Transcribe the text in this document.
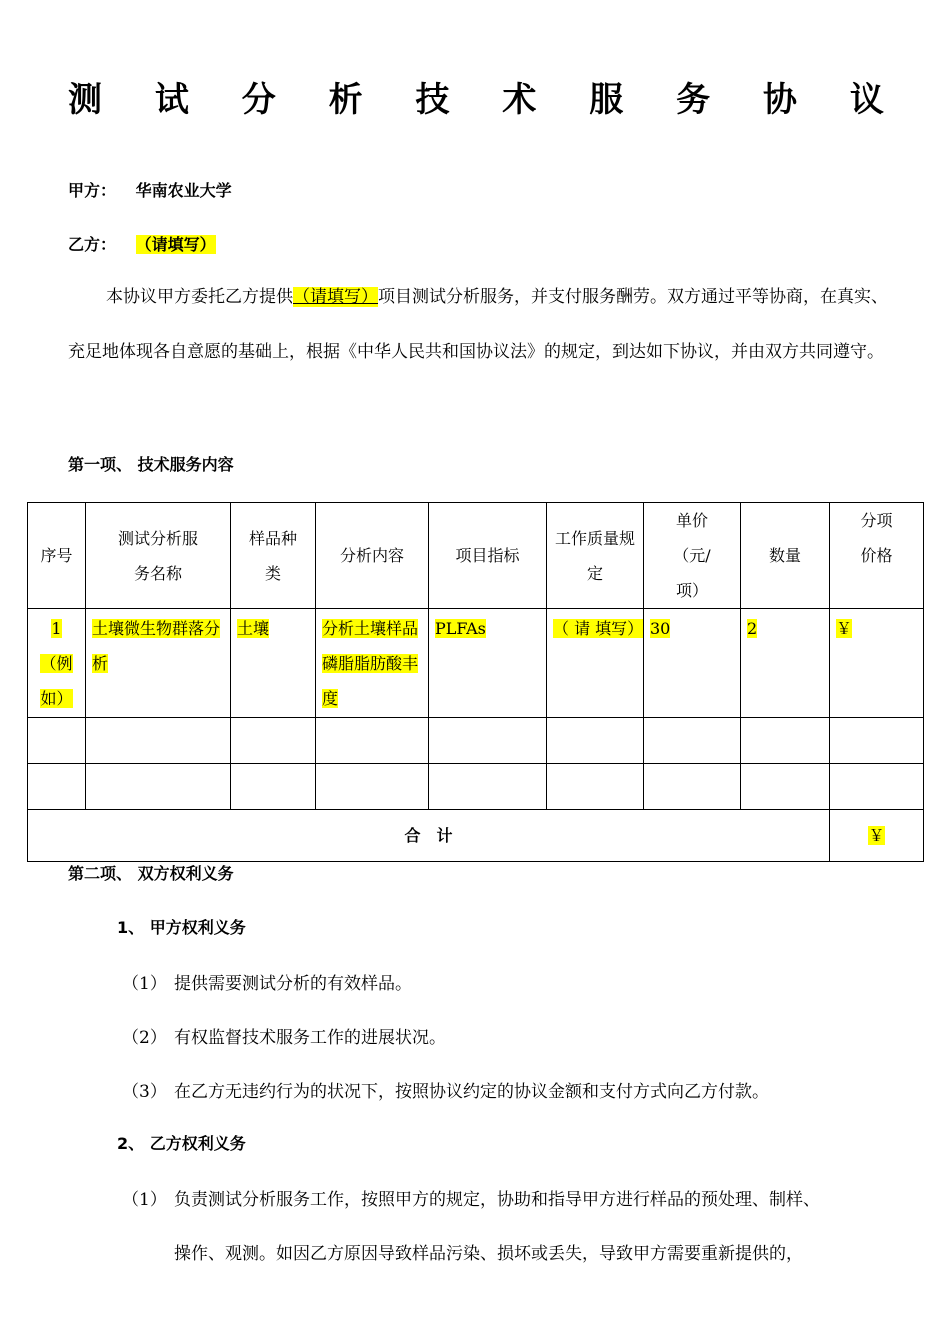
测 试 分 析 技 术 服 务 协 议
甲方： 华南农业大学
乙方： （请填写）
本协议甲方委托乙方提供（请填写）项目测试分析服务，并支付服务酬劳。双方通过平等协商，在真实、充足地体现各自意愿的基础上，根据《中华人民共和国协议法》的规定，到达如下协议，并由双方共同遵守。
第一项、 技术服务内容
序号	测试分析服务名称	样品种类	分析内容	项目指标	工作质量规定	单价（元/项）	数量	分项价格
1（例如）	土壤微生物群落分析	土壤	分析土壤样品磷脂脂肪酸丰度	PLFAs	（ 请 填写）	30	2	￥

合　计								￥
第二项、 双方权利义务
1、 甲方权利义务
（1） 提供需要测试分析的有效样品。
（2） 有权监督技术服务工作的进展状况。
（3） 在乙方无违约行为的状况下，按照协议约定的协议金额和支付方式向乙方付款。
2、 乙方权利义务
（1） 负责测试分析服务工作，按照甲方的规定，协助和指导甲方进行样品的预处理、制样、
操作、观测。如因乙方原因导致样品污染、损坏或丢失，导致甲方需要重新提供的，
